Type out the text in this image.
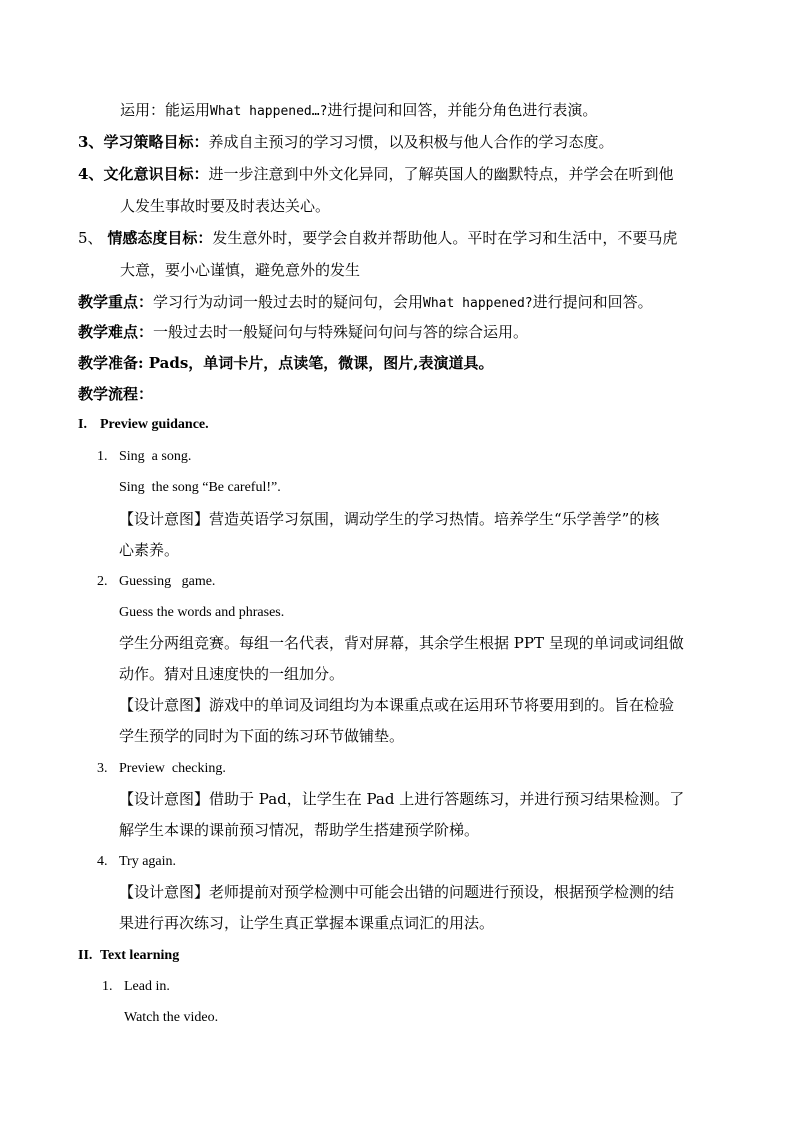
运用：能运用What happened…?进行提问和回答，并能分角色进行表演。
3、学习策略目标：养成自主预习的学习习惯，以及积极与他人合作的学习态度。
4、文化意识目标：进一步注意到中外文化异同，了解英国人的幽默特点，并学会在听到他
人发生事故时要及时表达关心。
5、 情感态度目标：发生意外时，要学会自救并帮助他人。平时在学习和生活中，不要马虎
大意，要小心谨慎，避免意外的发生
教学重点：学习行为动词一般过去时的疑问句，会用What happened?进行提问和回答。
教学难点：一般过去时一般疑问句与特殊疑问句问与答的综合运用。
教学准备: Pads，单词卡片，点读笔，微课，图片,表演道具。
教学流程：
I. Preview guidance.
1. Sing  a song.
Sing  the song “Be careful!”.
【设计意图】营造英语学习氛围，调动学生的学习热情。培养学生“乐学善学”的核
心素养。
2. Guessing   game.
Guess the words and phrases.
学生分两组竞赛。每组一名代表，背对屏幕，其余学生根据 PPT 呈现的单词或词组做
动作。猜对且速度快的一组加分。
【设计意图】游戏中的单词及词组均为本课重点或在运用环节将要用到的。旨在检验
学生预学的同时为下面的练习环节做铺垫。
3. Preview  checking.
【设计意图】借助于 Pad，让学生在 Pad 上进行答题练习，并进行预习结果检测。了
解学生本课的课前预习情况，帮助学生搭建预学阶梯。
4. Try again.
【设计意图】老师提前对预学检测中可能会出错的问题进行预设，根据预学检测的结
果进行再次练习，让学生真正掌握本课重点词汇的用法。
II. Text learning
1. Lead in.
Watch the video.
